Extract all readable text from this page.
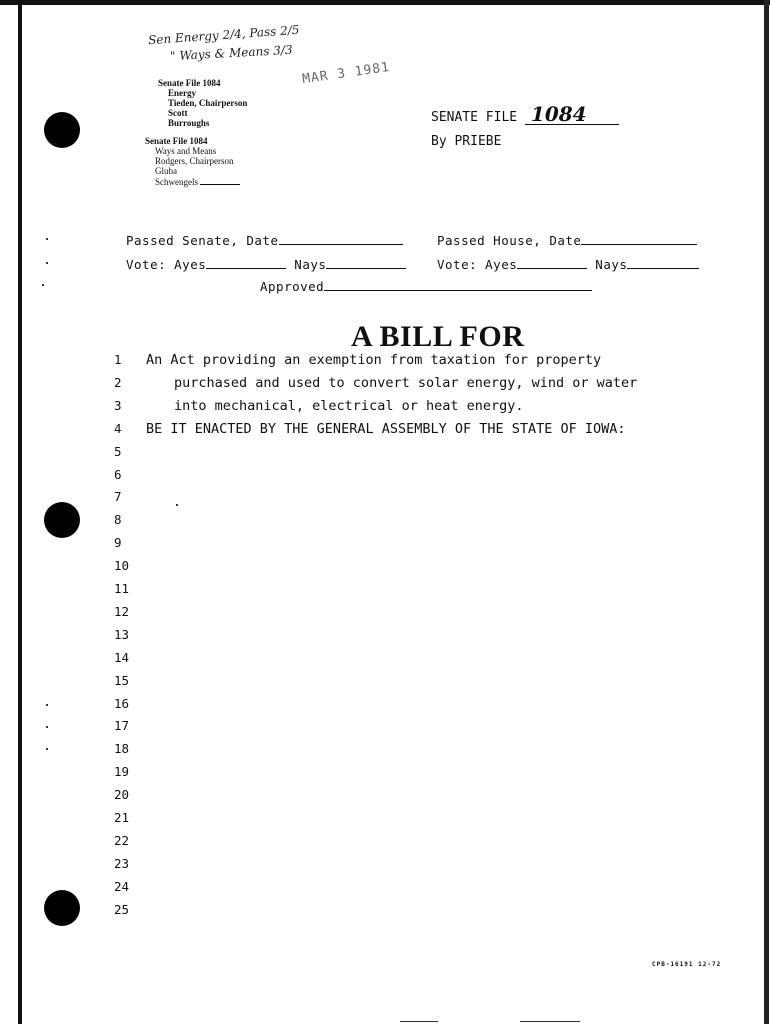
Sen Energy 2/4, Pass 2/5
" Ways & Means 3/3
MAR 3 1981
Senate File 1084
Energy
Tieden, Chairperson
Scott
Burroughs
Senate File 1084
Ways and Means
Rodgers, Chairperson
Gluba
Schwengels
SENATE FILE 1084
By PRIEBE
Passed Senate, Date	Passed House, Date
Vote: Ayes	Nays	Vote: Ayes	Nays
Approved
A BILL FOR
1
2
3
4
5
6
7
8
9
10
11
12
13
14
15
16
17
18
19
20
21
22
23
24
25
An Act providing an exemption from taxation for property
purchased and used to convert solar energy, wind or water
into mechanical, electrical or heat energy.
BE IT ENACTED BY THE GENERAL ASSEMBLY OF THE STATE OF IOWA:
CPB-16191 12-72
